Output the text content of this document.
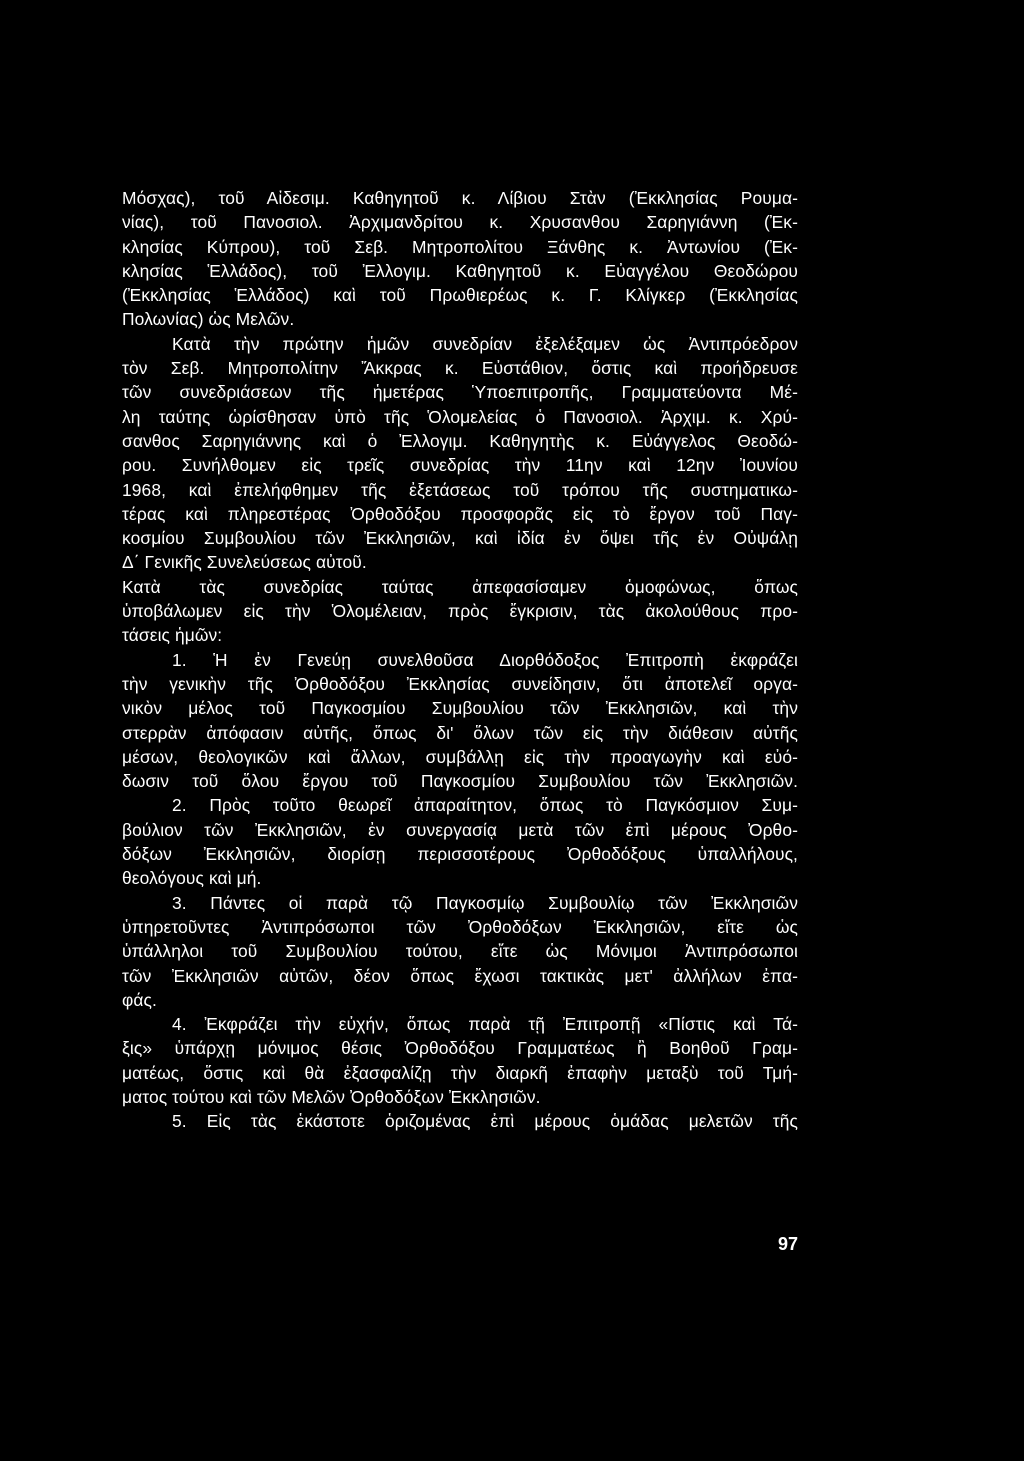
Μόσχας), τοῦ Αἰδεσιμ. Καθηγητοῦ κ. Λίβιου Στὰν (Ἐκκλησίας Ρουμα-
νίας), τοῦ Πανοσιολ. Ἀρχιμανδρίτου κ. Χρυσανθου Σαρηγιάννη (Ἐκ-
κλησίας Κύπρου), τοῦ Σεβ. Μητροπολίτου Ξάνθης κ. Ἀντωνίου (Ἐκ-
κλησίας Ἑλλάδος), τοῦ Ἐλλογιμ. Καθηγητοῦ κ. Εὐαγγέλου Θεοδώρου
(Ἐκκλησίας Ἑλλάδος) καὶ τοῦ Πρωθιερέως κ. Γ. Κλίγκερ (Ἐκκλησίας
Πολωνίας) ὡς Μελῶν.
Κατὰ τὴν πρώτην ἡμῶν συνεδρίαν ἐξελέξαμεν ὡς Ἀντιπρόεδρον
τὸν Σεβ. Μητροπολίτην Ἄκκρας κ. Εὐστάθιον, ὅστις καὶ προήδρευσε
τῶν συνεδριάσεων τῆς ἡμετέρας Ὑποεπιτροπῆς, Γραμματεύοντα Μέ-
λη ταύτης ὡρίσθησαν ὑπὸ τῆς Ὁλομελείας ὁ Πανοσιολ. Ἀρχιμ. κ. Χρύ-
σανθος Σαρηγιάννης καὶ ὁ Ἐλλογιμ. Καθηγητὴς κ. Εὐάγγελος Θεοδώ-
ρου. Συνήλθομεν εἰς τρεῖς συνεδρίας τὴν 11ην καὶ 12ην Ἰουνίου
1968, καὶ ἐπελήφθημεν τῆς ἐξετάσεως τοῦ τρόπου τῆς συστηματικω-
τέρας καὶ πληρεστέρας Ὀρθοδόξου προσφορᾶς εἰς τὸ ἔργον τοῦ Παγ-
κοσμίου Συμβουλίου τῶν Ἐκκλησιῶν, καὶ ἰδία ἐν ὄψει τῆς ἐν Οὐψάλῃ
Δ΄ Γενικῆς Συνελεύσεως αὐτοῦ.
Κατὰ τὰς συνεδρίας ταύτας ἀπεφασίσαμεν ὁμοφώνως, ὅπως
ὑποβάλωμεν εἰς τὴν Ὁλομέλειαν, πρὸς ἔγκρισιν, τὰς ἀκολούθους προ-
τάσεις ἡμῶν:
1. Ἡ ἐν Γενεύῃ συνελθοῦσα Διορθόδοξος Ἐπιτροπὴ ἐκφράζει
τὴν γενικὴν τῆς Ὀρθοδόξου Ἐκκλησίας συνείδησιν, ὅτι ἀποτελεῖ οργα-
νικὸν μέλος τοῦ Παγκοσμίου Συμβουλίου τῶν Ἐκκλησιῶν, καὶ τὴν
στερρὰν ἀπόφασιν αὐτῆς, ὅπως δι' ὅλων τῶν εἰς τὴν διάθεσιν αὐτῆς
μέσων, θεολογικῶν καὶ ἄλλων, συμβάλλῃ εἰς τὴν προαγωγὴν καὶ εὐό-
δωσιν τοῦ ὅλου ἔργου τοῦ Παγκοσμίου Συμβουλίου τῶν Ἐκκλησιῶν.
2. Πρὸς τοῦτο θεωρεῖ ἀπαραίτητον, ὅπως τὸ Παγκόσμιον Συμ-
βούλιον τῶν Ἐκκλησιῶν, ἐν συνεργασίᾳ μετὰ τῶν ἐπὶ μέρους Ὀρθο-
δόξων Ἐκκλησιῶν, διορίσῃ περισσοτέρους Ὀρθοδόξους ὑπαλλήλους,
θεολόγους καὶ μή.
3. Πάντες οἱ παρὰ τῷ Παγκοσμίῳ Συμβουλίῳ τῶν Ἐκκλησιῶν
ὑπηρετοῦντες Ἀντιπρόσωποι τῶν Ὀρθοδόξων Ἐκκλησιῶν, εἴτε ὡς
ὑπάλληλοι τοῦ Συμβουλίου τούτου, εἴτε ὡς Μόνιμοι Ἀντιπρόσωποι
τῶν Ἐκκλησιῶν αὐτῶν, δέον ὅπως ἔχωσι τακτικὰς μετ' ἀλλήλων ἐπα-
φάς.
4. Ἐκφράζει τὴν εὐχήν, ὅπως παρὰ τῇ Ἐπιτροπῇ «Πίστις καὶ Τά-
ξις» ὑπάρχῃ μόνιμος θέσις Ὀρθοδόξου Γραμματέως ἢ Βοηθοῦ Γραμ-
ματέως, ὅστις καὶ θὰ ἐξασφαλίζῃ τὴν διαρκῆ ἐπαφὴν μεταξὺ τοῦ Τμή-
ματος τούτου καὶ τῶν Μελῶν Ὀρθοδόξων Ἐκκλησιῶν.
5. Εἰς τὰς ἑκάστοτε ὁριζομένας ἐπὶ μέρους ὁμάδας μελετῶν τῆς
97
